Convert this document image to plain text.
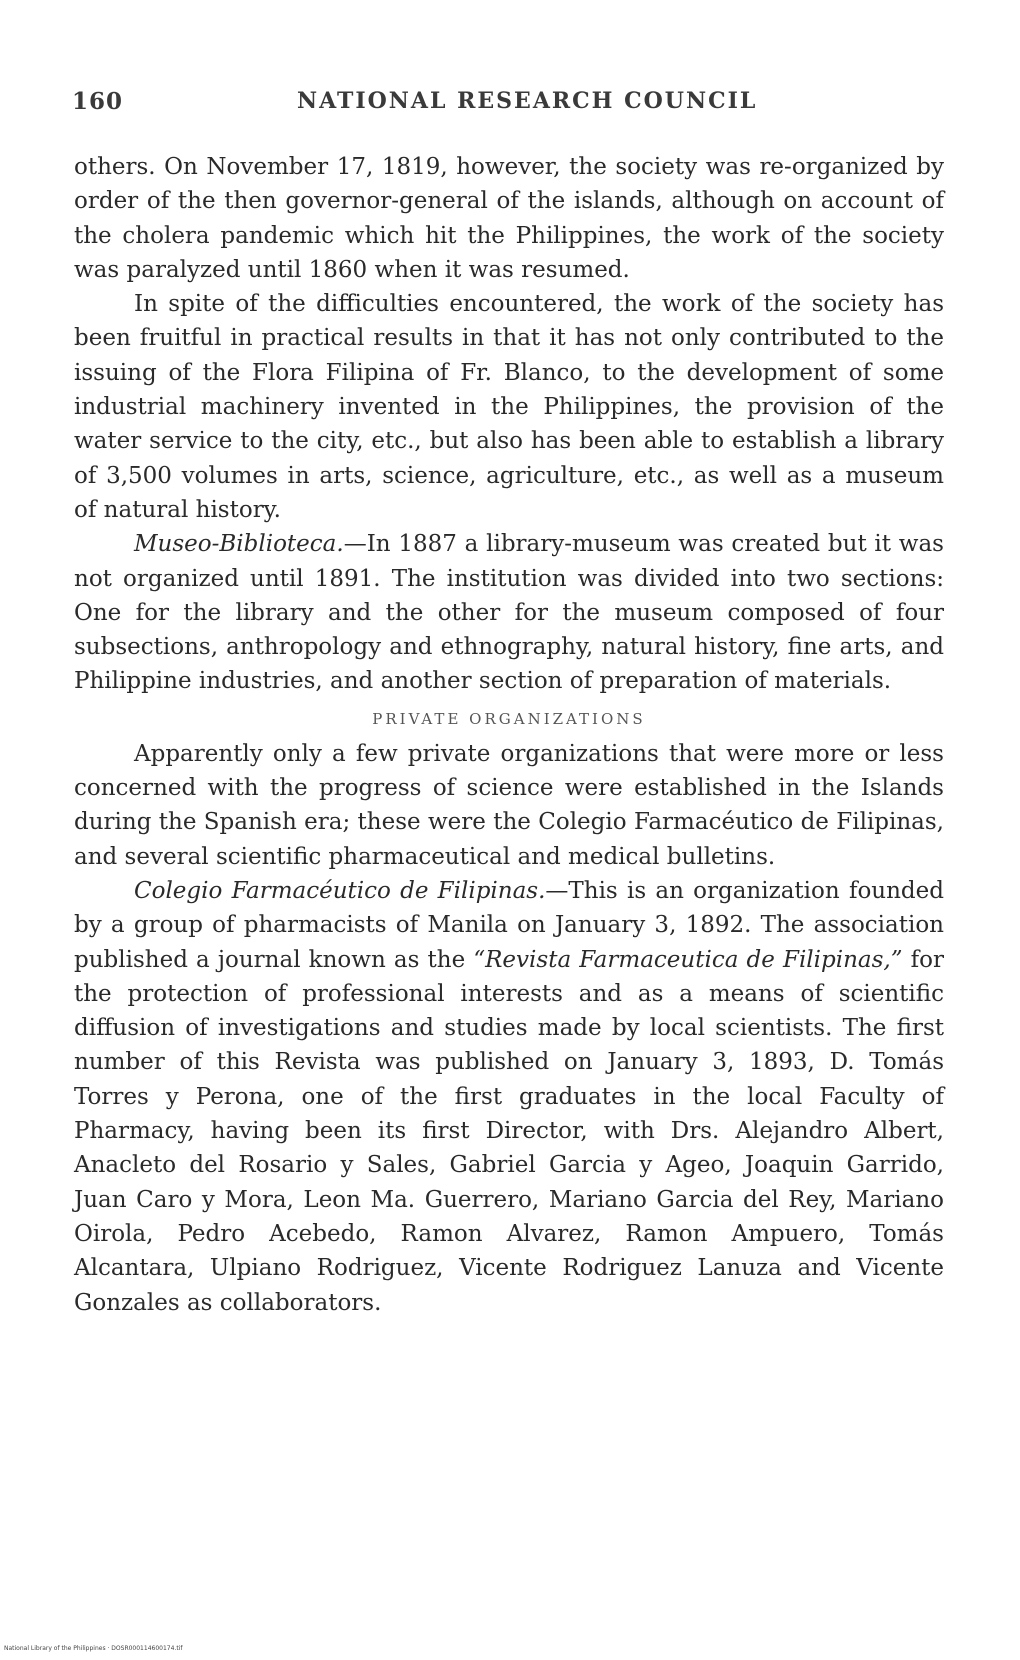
160	NATIONAL RESEARCH COUNCIL

others. On November 17, 1819, however, the society was re-organized by order of the then governor-general of the islands, although on account of the cholera pandemic which hit the Philippines, the work of the society was paralyzed until 1860 when it was resumed.

In spite of the difficulties encountered, the work of the society has been fruitful in practical results in that it has not only contributed to the issuing of the Flora Filipina of Fr. Blanco, to the development of some industrial machinery invented in the Philippines, the provision of the water service to the city, etc., but also has been able to establish a library of 3,500 volumes in arts, science, agriculture, etc., as well as a museum of natural history.

Museo-Biblioteca.—In 1887 a library-museum was created but it was not organized until 1891. The institution was divided into two sections: One for the library and the other for the museum composed of four subsections, anthropology and ethnography, natural history, fine arts, and Philippine industries, and another section of preparation of materials.

PRIVATE ORGANIZATIONS

Apparently only a few private organizations that were more or less concerned with the progress of science were established in the Islands during the Spanish era; these were the Colegio Farmacéutico de Filipinas, and several scientific pharmaceutical and medical bulletins.

Colegio Farmacéutico de Filipinas.—This is an organization founded by a group of pharmacists of Manila on January 3, 1892. The association published a journal known as the “Revista Farmaceutica de Filipinas,” for the protection of professional interests and as a means of scientific diffusion of investigations and studies made by local scientists. The first number of this Revista was published on January 3, 1893, D. Tomás Torres y Perona, one of the first graduates in the local Faculty of Pharmacy, having been its first Director, with Drs. Alejandro Albert, Anacleto del Rosario y Sales, Gabriel Garcia y Ageo, Joaquin Garrido, Juan Caro y Mora, Leon Ma. Guerrero, Mariano Garcia del Rey, Mariano Oirola, Pedro Acebedo, Ramon Alvarez, Ramon Ampuero, Tomás Alcantara, Ulpiano Rodriguez, Vicente Rodriguez Lanuza and Vicente Gonzales as collaborators.

National Library of the Philippines · DOSR000114600174.tif
